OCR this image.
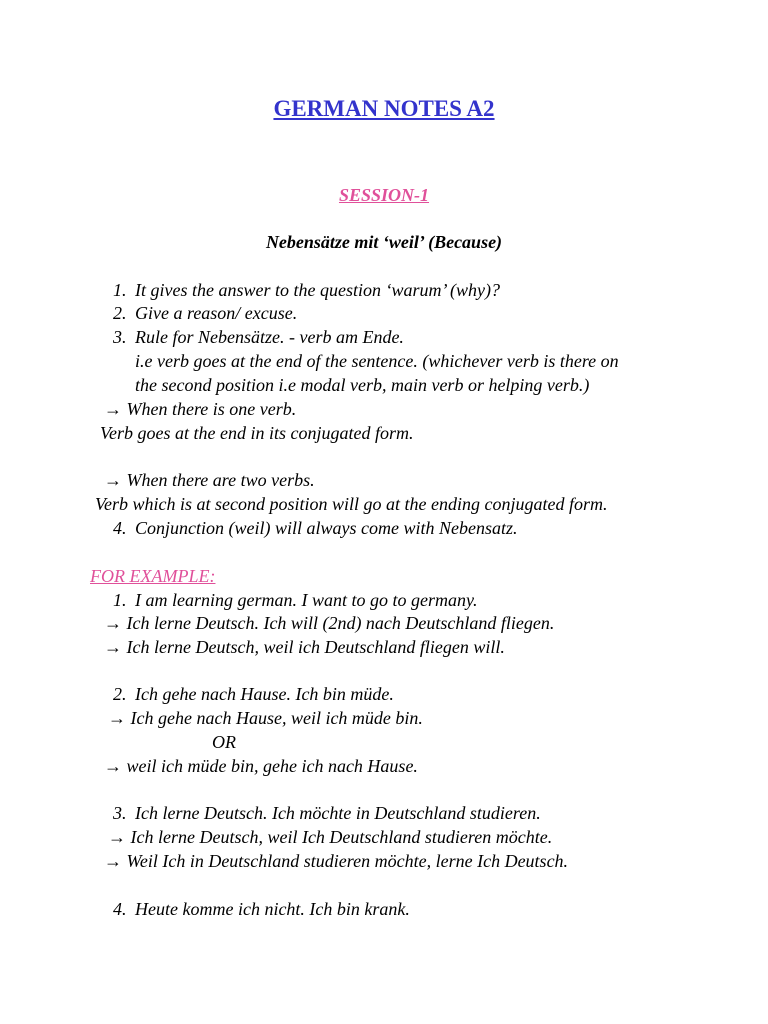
GERMAN NOTES A2
SESSION-1
Nebensätze mit ‘weil’ (Because)
1. It gives the answer to the question ‘warum’ (why)?
2. Give a reason/ excuse.
3. Rule for Nebensätze. - verb am Ende.
i.e verb goes at the end of the sentence. (whichever verb is there on
the second position i.e modal verb, main verb or helping verb.)
→ When there is one verb.
Verb goes at the end in its conjugated form.
→ When there are two verbs.
Verb which is at second position will go at the ending conjugated form.
4. Conjunction (weil) will always come with Nebensatz.
FOR EXAMPLE:
1. I am learning german. I want to go to germany.
→ Ich lerne Deutsch. Ich will (2nd) nach Deutschland fliegen.
→ Ich lerne Deutsch, weil ich Deutschland fliegen will.
2. Ich gehe nach Hause. Ich bin müde.
→ Ich gehe nach Hause, weil ich müde bin.
OR
→ weil ich müde bin, gehe ich nach Hause.
3. Ich lerne Deutsch. Ich möchte in Deutschland studieren.
→ Ich lerne Deutsch, weil Ich Deutschland studieren möchte.
→ Weil Ich in Deutschland studieren möchte, lerne Ich Deutsch.
4. Heute komme ich nicht. Ich bin krank.
